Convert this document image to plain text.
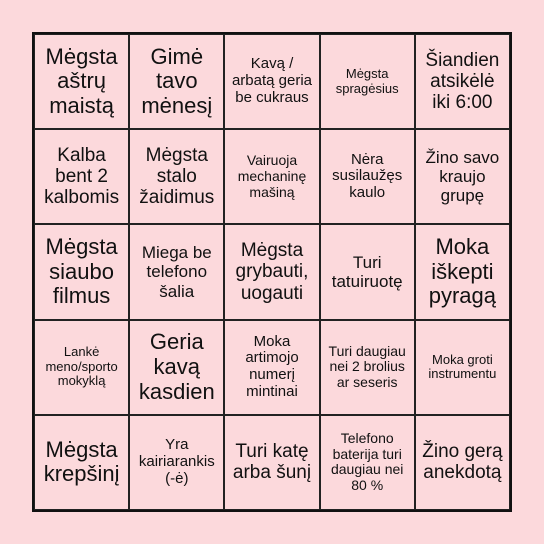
Mėgsta aštrų maistą
Gimė tavo mėnesį
Kavą / arbatą geria be cukraus
Mėgsta spragėsius
Šiandien atsikėlė iki 6:00
Kalba bent 2 kalbomis
Mėgsta stalo žaidimus
Vairuoja mechaninę mašiną
Nėra susilaužęs kaulo
Žino savo kraujo grupę
Mėgsta siaubo filmus
Miega be telefono šalia
Mėgsta grybauti, uogauti
Turi tatuiruotę
Moka iškepti pyragą
Lankė meno/sporto mokyklą
Geria kavą kasdien
Moka artimojo numerį mintinai
Turi daugiau nei 2 brolius ar seseris
Moka groti instrumentu
Mėgsta krepšinį
Yra kairiarankis (-ė)
Turi katę arba šunį
Telefono baterija turi daugiau nei 80 %
Žino gerą anekdotą
